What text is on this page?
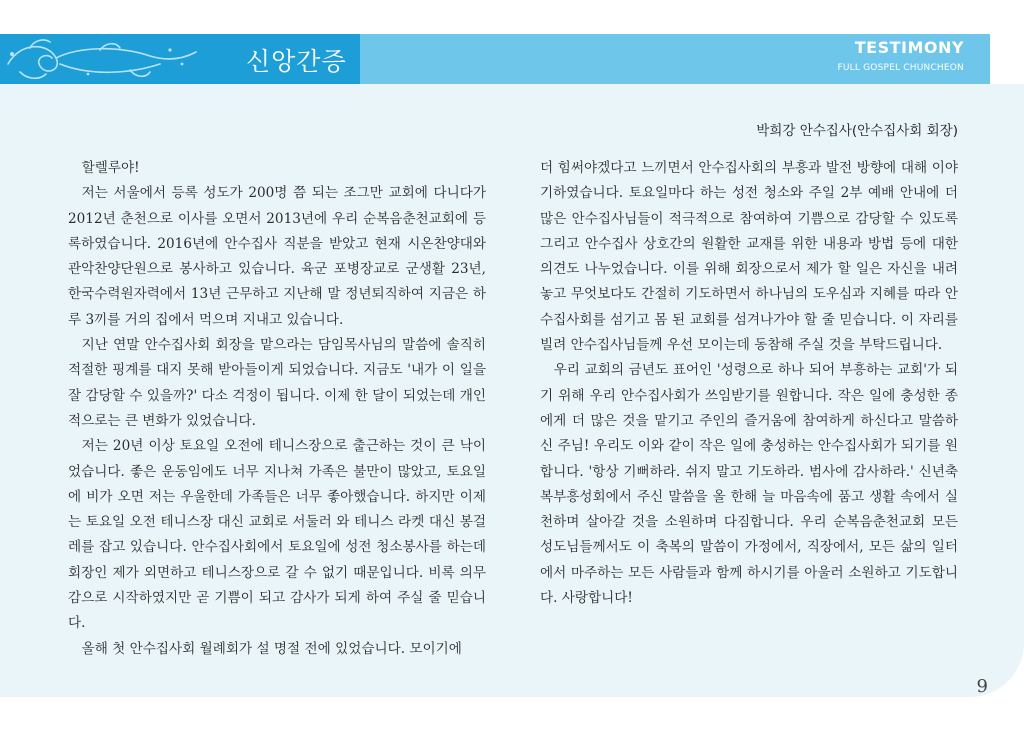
신앙간증	TESTIMONY
FULL GOSPEL CHUNCHEON
박희강 안수집사(안수집사회 회장)

할렐루야!

저는 서울에서 등록 성도가 200명 쯤 되는 조그만 교회에 다니다가 2012년 춘천으로 이사를 오면서 2013년에 우리 순복음춘천교회에 등록하였습니다. 2016년에 안수집사 직분을 받았고 현재 시온찬양대와 관악찬양단원으로 봉사하고 있습니다. 육군 포병장교로 군생활 23년, 한국수력원자력에서 13년 근무하고 지난해 말 정년퇴직하여 지금은 하루 3끼를 거의 집에서 먹으며 지내고 있습니다.

지난 연말 안수집사회 회장을 맡으라는 담임목사님의 말씀에 솔직히 적절한 핑계를 대지 못해 받아들이게 되었습니다. 지금도 '내가 이 일을 잘 감당할 수 있을까?' 다소 걱정이 됩니다. 이제 한 달이 되었는데 개인적으로는 큰 변화가 있었습니다.

저는 20년 이상 토요일 오전에 테니스장으로 출근하는 것이 큰 낙이었습니다. 좋은 운동임에도 너무 지나쳐 가족은 불만이 많았고, 토요일에 비가 오면 저는 우울한데 가족들은 너무 좋아했습니다. 하지만 이제는 토요일 오전 테니스장 대신 교회로 서둘러 와 테니스 라켓 대신 봉걸레를 잡고 있습니다. 안수집사회에서 토요일에 성전 청소봉사를 하는데 회장인 제가 외면하고 테니스장으로 갈 수 없기 때문입니다. 비록 의무감으로 시작하였지만 곧 기쁨이 되고 감사가 되게 하여 주실 줄 믿습니다.

올해 첫 안수집사회 월례회가 설 명절 전에 있었습니다. 모이기에

더 힘써야겠다고 느끼면서 안수집사회의 부흥과 발전 방향에 대해 이야기하였습니다. 토요일마다 하는 성전 청소와 주일 2부 예배 안내에 더 많은 안수집사님들이 적극적으로 참여하여 기쁨으로 감당할 수 있도록 그리고 안수집사 상호간의 원활한 교재를 위한 내용과 방법 등에 대한 의견도 나누었습니다. 이를 위해 회장으로서 제가 할 일은 자신을 내려놓고 무엇보다도 간절히 기도하면서 하나님의 도우심과 지혜를 따라 안수집사회를 섬기고 몸 된 교회를 섬겨나가야 할 줄 믿습니다. 이 자리를 빌려 안수집사님들께 우선 모이는데 동참해 주실 것을 부탁드립니다.

우리 교회의 금년도 표어인 '성령으로 하나 되어 부흥하는 교회'가 되기 위해 우리 안수집사회가 쓰임받기를 원합니다. 작은 일에 충성한 종에게 더 많은 것을 맡기고 주인의 즐거움에 참여하게 하신다고 말씀하신 주님! 우리도 이와 같이 작은 일에 충성하는 안수집사회가 되기를 원합니다. '항상 기뻐하라. 쉬지 말고 기도하라. 범사에 감사하라.' 신년축복부흥성회에서 주신 말씀을 올 한해 늘 마음속에 품고 생활 속에서 실천하며 살아갈 것을 소원하며 다짐합니다. 우리 순복음춘천교회 모든 성도님들께서도 이 축복의 말씀이 가정에서, 직장에서, 모든 삶의 일터에서 마주하는 모든 사람들과 함께 하시기를 아울러 소원하고 기도합니다. 사랑합니다!

9
